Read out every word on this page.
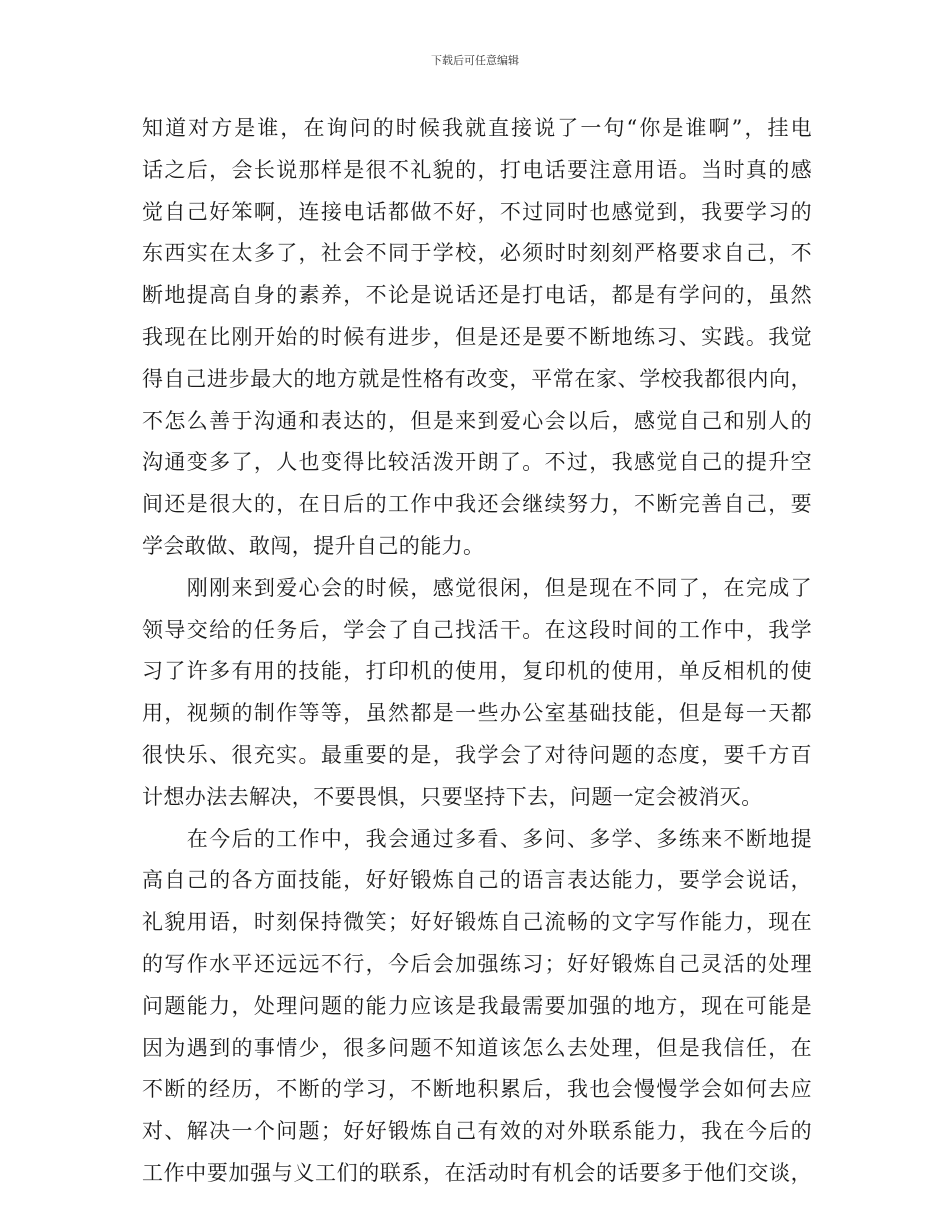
下载后可任意编辑
知道对方是谁，在询问的时候我就直接说了一句“你是谁啊”，挂电
话之后，会长说那样是很不礼貌的，打电话要注意用语。当时真的感
觉自己好笨啊，连接电话都做不好，不过同时也感觉到，我要学习的
东西实在太多了，社会不同于学校，必须时时刻刻严格要求自己，不
断地提高自身的素养，不论是说话还是打电话，都是有学问的，虽然
我现在比刚开始的时候有进步，但是还是要不断地练习、实践。我觉
得自己进步最大的地方就是性格有改变，平常在家、学校我都很内向，
不怎么善于沟通和表达的，但是来到爱心会以后，感觉自己和别人的
沟通变多了，人也变得比较活泼开朗了。不过，我感觉自己的提升空
间还是很大的，在日后的工作中我还会继续努力，不断完善自己，要
学会敢做、敢闯，提升自己的能力。
　　刚刚来到爱心会的时候，感觉很闲，但是现在不同了，在完成了
领导交给的任务后，学会了自己找活干。在这段时间的工作中，我学
习了许多有用的技能，打印机的使用，复印机的使用，单反相机的使
用，视频的制作等等，虽然都是一些办公室基础技能，但是每一天都
很快乐、很充实。最重要的是，我学会了对待问题的态度，要千方百
计想办法去解决，不要畏惧，只要坚持下去，问题一定会被消灭。
　　在今后的工作中，我会通过多看、多问、多学、多练来不断地提
高自己的各方面技能，好好锻炼自己的语言表达能力，要学会说话，
礼貌用语，时刻保持微笑；好好锻炼自己流畅的文字写作能力，现在
的写作水平还远远不行，今后会加强练习；好好锻炼自己灵活的处理
问题能力，处理问题的能力应该是我最需要加强的地方，现在可能是
因为遇到的事情少，很多问题不知道该怎么去处理，但是我信任，在
不断的经历，不断的学习，不断地积累后，我也会慢慢学会如何去应
对、解决一个问题；好好锻炼自己有效的对外联系能力，我在今后的
工作中要加强与义工们的联系，在活动时有机会的话要多于他们交谈，
